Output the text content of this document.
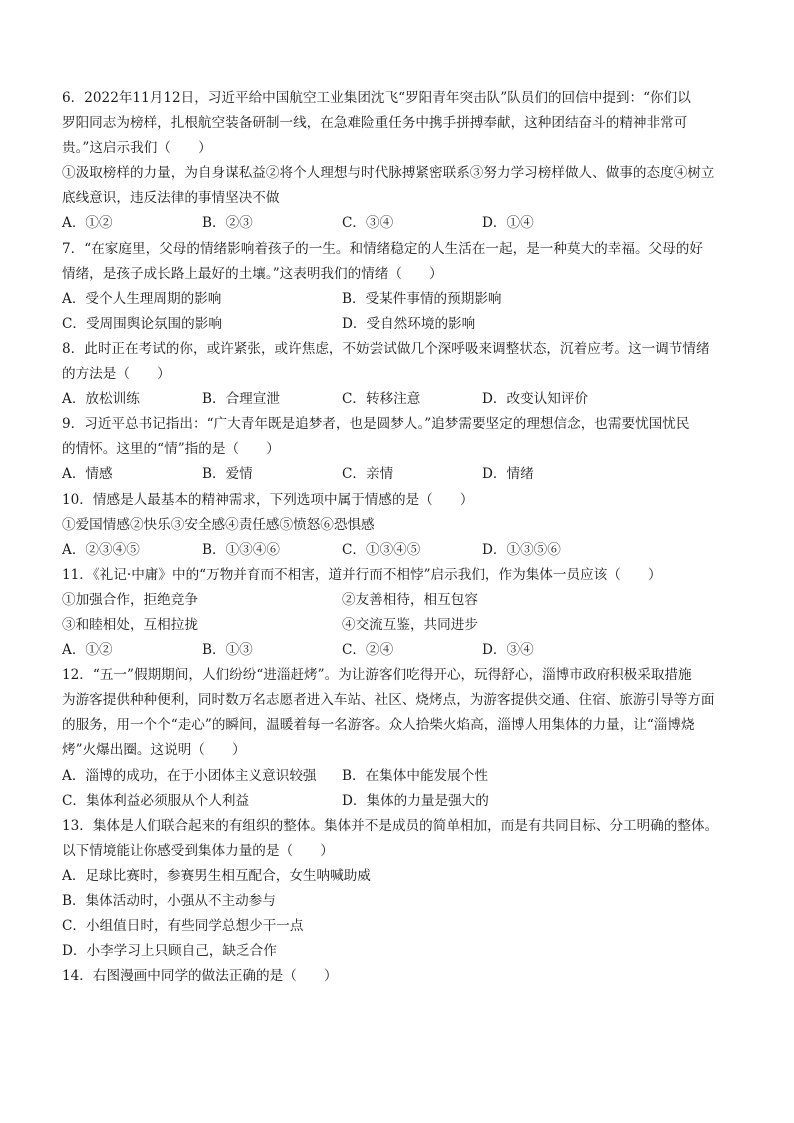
6．2022年11月12日，习近平给中国航空工业集团沈飞“罗阳青年突击队”队员们的回信中提到：“你们以
罗阳同志为榜样，扎根航空装备研制一线，在急难险重任务中携手拼搏奉献，这种团结奋斗的精神非常可
贵。”这启示我们（　　）
①汲取榜样的力量，为自身谋私益②将个人理想与时代脉搏紧密联系③努力学习榜样做人、做事的态度④树立
底线意识，违反法律的事情坚决不做
A．①②	B．②③	C．③④	D．①④
7．“在家庭里，父母的情绪影响着孩子的一生。和情绪稳定的人生活在一起，是一种莫大的幸福。父母的好
情绪，是孩子成长路上最好的土壤。”这表明我们的情绪（　　）
A．受个人生理周期的影响	B．受某件事情的预期影响
C．受周围舆论氛围的影响	D．受自然环境的影响
8．此时正在考试的你，或许紧张，或许焦虑，不妨尝试做几个深呼吸来调整状态，沉着应考。这一调节情绪
的方法是（　　）
A．放松训练	B．合理宣泄	C．转移注意	D．改变认知评价
9．习近平总书记指出：“广大青年既是追梦者，也是圆梦人。”追梦需要坚定的理想信念，也需要忧国忧民
的情怀。这里的“情”指的是（　　）
A．情感	B．爱情	C．亲情	D．情绪
10．情感是人最基本的精神需求，下列选项中属于情感的是（　　）
①爱国情感②快乐③安全感④责任感⑤愤怒⑥恐惧感
A．②③④⑤	B．①③④⑥	C．①③④⑤	D．①③⑤⑥
11．《礼记·中庸》中的“万物并育而不相害，道并行而不相悖”启示我们，作为集体一员应该（　　）
①加强合作，拒绝竞争	②友善相待，相互包容
③和睦相处，互相拉拢	④交流互鉴，共同进步
A．①②	B．①③	C．②④	D．③④
12．“五一”假期期间，人们纷纷“进淄赶烤”。为让游客们吃得开心，玩得舒心，淄博市政府积极采取措施
为游客提供种种便利，同时数万名志愿者进入车站、社区、烧烤点，为游客提供交通、住宿、旅游引导等方面
的服务，用一个个“走心”的瞬间，温暖着每一名游客。众人拾柴火焰高，淄博人用集体的力量，让“淄博烧
烤”火爆出圈。这说明（　　）
A．淄博的成功，在于小团体主义意识较强	B．在集体中能发展个性
C．集体利益必须服从个人利益	D．集体的力量是强大的
13．集体是人们联合起来的有组织的整体。集体并不是成员的简单相加，而是有共同目标、分工明确的整体。
以下情境能让你感受到集体力量的是（　　）
A．足球比赛时，参赛男生相互配合，女生呐喊助威
B．集体活动时，小强从不主动参与
C．小组值日时，有些同学总想少干一点
D．小李学习上只顾自己，缺乏合作
14．右图漫画中同学的做法正确的是（　　）
